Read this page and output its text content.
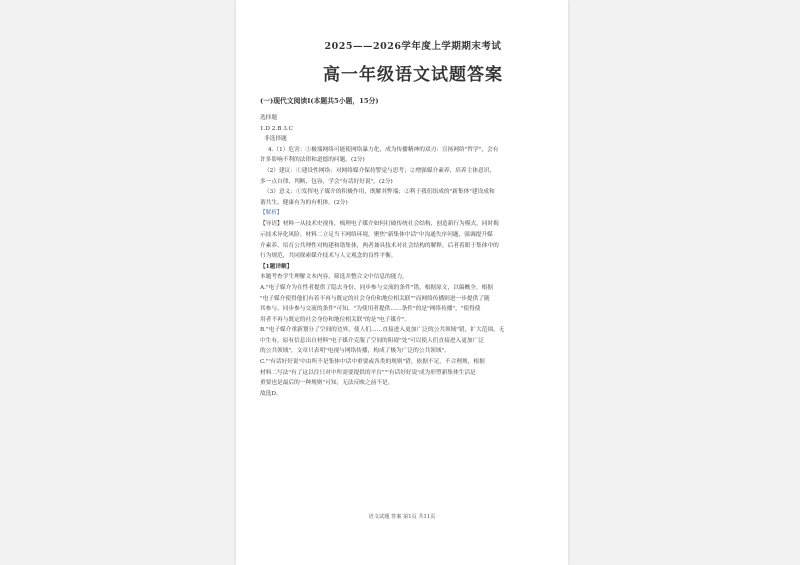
2025——2026学年度上学期期末考试
高一年级语文试题答案
(一)现代文阅读Ⅰ(本题共5小题，15分)
选择题
1.D 2.B 3.C
非选择题
4.（1）危害：①极端网络可能使网络暴力化，成为传播精神的双刃：宣扬网络"哲学"，会有
许多影响不利的法律和道德的问题。(2分)
（2）建议：①建设性网络：对网络媒介保持警觉与思考；②增强媒介素养，培养主体意识，
多一点自律、判断、包容，学会"有话好好说"。(2分)
（3）意义：①发挥电子媒介的积极作用，既解其弊端；②利于我们组成的"新集体"建设成和
谐共生、健康有为的有机体。(2分)
【解析】
【导语】材料一从技术史视角，梳理电子媒介如何打破传统社会结构，创造新行为模式，同时揭
示技术异化风险。材料二立足当下网络环境，聚焦"新集体中话"中沟通失序问题，强调提升媒
介素养、培育公共理性对构建和谐集体，两者兼具技术对社会结构的解释，后者着眼于集体中的
行为规范，共同探索媒介技术与人文观念的良性平衡。
【1题详解】
本题考查学生理解文本内容，筛选并整合文中信息的能力。
A."电子媒介为在性者提供了隐去身份、同步参与交流的条件"错，根据原文，以偏概全。根据
"电子媒介使得他们有着不再与既定的社会身份和地位相关联""而网络传播则进一步提供了随
其参与、同步参与交流的条件"可知，"为使用者提供……条件"的是"网络传播"，"使得使
用者不再与既定的社会身份和地位相关联"的是"电子媒介"。
B."电子媒介重新划分了空间的边界，使人们……直接进入更加广泛的公共领域"错，扩大范围，无
中生有，原有信息出自材料"电子媒介克服了空间的阻碍"处"可以使人们直接进入更加广泛
的公共领域"，文章只表明"电视与网络传播，构成了极为广泛的公共领域"。
C."'有话好好说'中由所不是集体中话中重要或各类的规则"错，依据不足，不合理规，根据
材料二写法"有了这以往只对中所需要提供的平台""'有话好好说'成为形塑新集体生活是
重要也是最后的一种规则"可知，无法反映之前不是。
故选D。
语文试题 答案 第1页 共11页
